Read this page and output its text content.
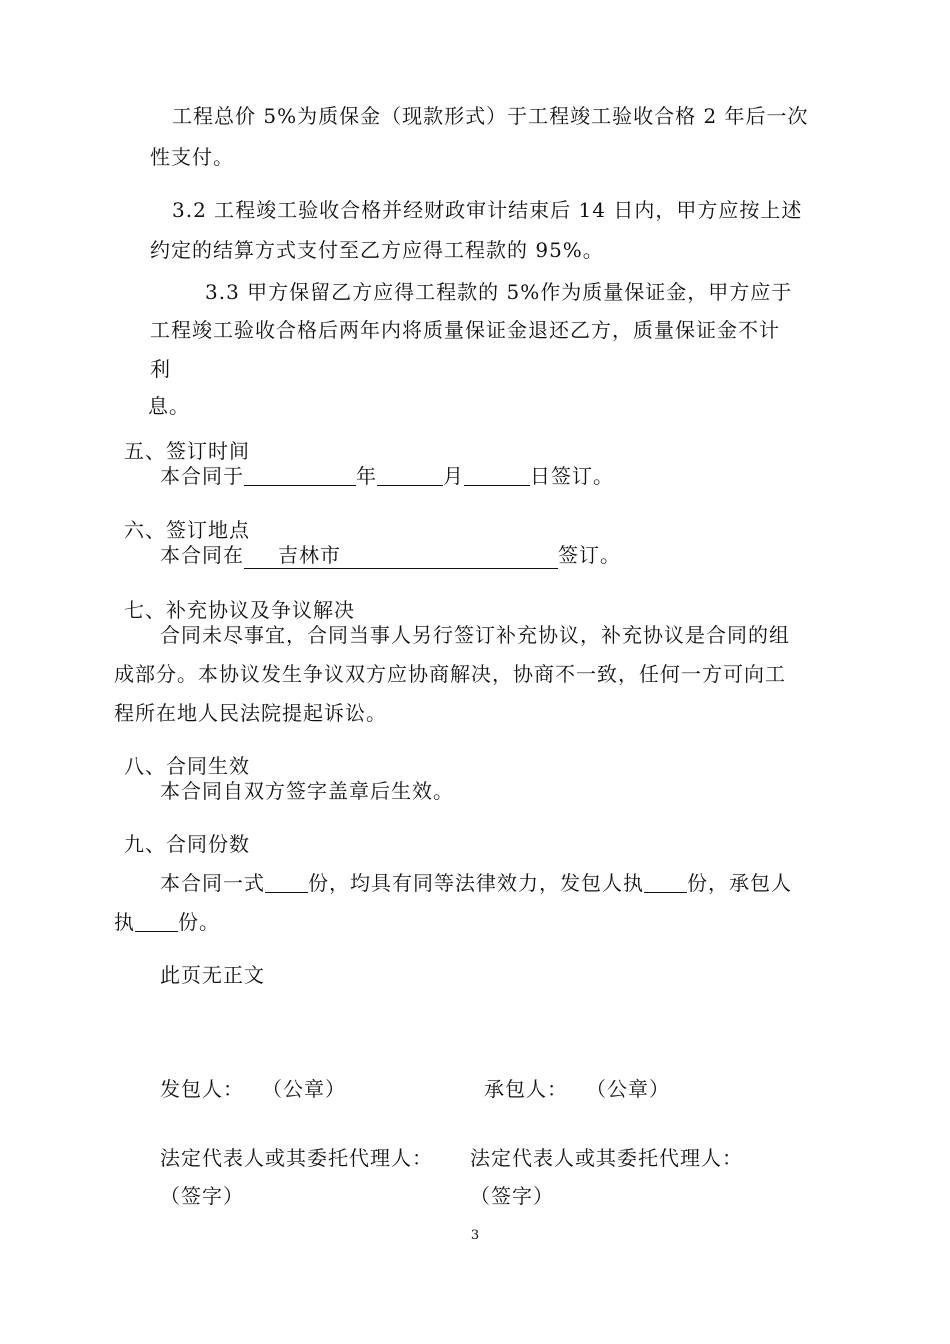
工程总价 5%为质保金（现款形式）于工程竣工验收合格 2 年后一次
性支付。
3.2 工程竣工验收合格并经财政审计结束后 14 日内，甲方应按上述
约定的结算方式支付至乙方应得工程款的 95%。
3.3 甲方保留乙方应得工程款的 5%作为质量保证金，甲方应于
工程竣工验收合格后两年内将质量保证金退还乙方，质量保证金不计
利
息。
五、签订时间
本合同于	年	月	日签订。
六、签订地点
本合同在 吉林市	签订。
七、补充协议及争议解决
合同未尽事宜，合同当事人另行签订补充协议，补充协议是合同的组
成部分。本协议发生争议双方应协商解决，协商不一致，任何一方可向工
程所在地人民法院提起诉讼。
八、合同生效
本合同自双方签字盖章后生效。
九、合同份数
本合同一式 份，均具有同等法律效力，发包人执 份，承包人
执 份。
此页无正文
发包人： （公章）	承包人： （公章）
法定代表人或其委托代理人： 法定代表人或其委托代理人：
（签字）	（签字）
3
